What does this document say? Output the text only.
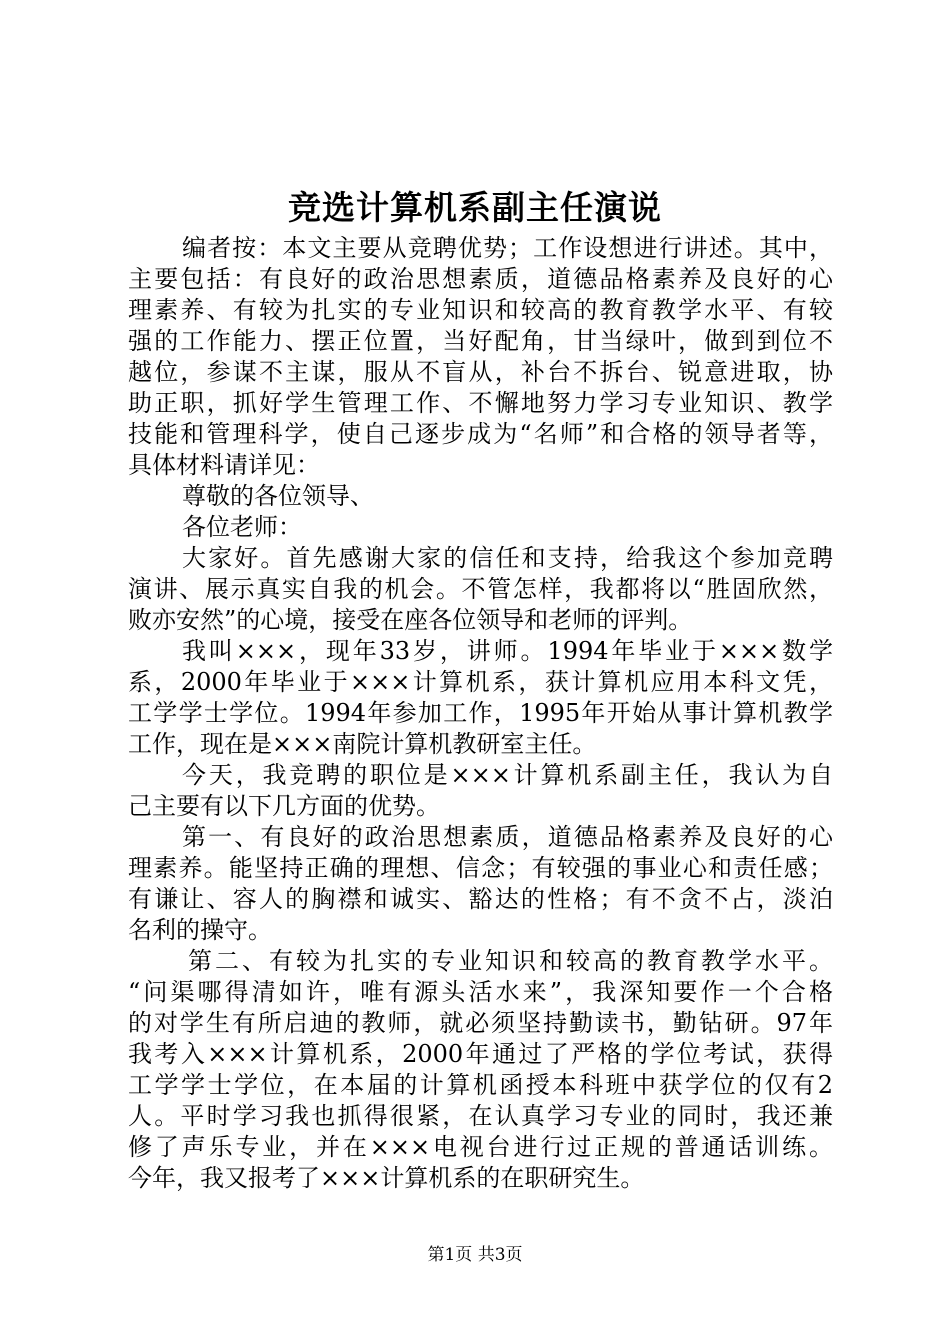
竞选计算机系副主任演说
编者按：本文主要从竞聘优势；工作设想进行讲述。其中，
主要包括：有良好的政治思想素质，道德品格素养及良好的心
理素养、有较为扎实的专业知识和较高的教育教学水平、有较
强的工作能力、摆正位置，当好配角，甘当绿叶，做到到位不
越位，参谋不主谋，服从不盲从，补台不拆台、锐意进取，协
助正职，抓好学生管理工作、不懈地努力学习专业知识、教学
技能和管理科学，使自己逐步成为“名师”和合格的领导者等，
具体材料请详见：
尊敬的各位领导、
各位老师：
大家好。首先感谢大家的信任和支持，给我这个参加竞聘
演讲、展示真实自我的机会。不管怎样，我都将以“胜固欣然，
败亦安然”的心境，接受在座各位领导和老师的评判。
我叫×××，现年33岁，讲师。1994年毕业于×××数学
系，2000年毕业于×××计算机系，获计算机应用本科文凭，
工学学士学位。1994年参加工作，1995年开始从事计算机教学
工作，现在是×××南院计算机教研室主任。
今天，我竞聘的职位是×××计算机系副主任，我认为自
己主要有以下几方面的优势。
第一、有良好的政治思想素质，道德品格素养及良好的心
理素养。能坚持正确的理想、信念；有较强的事业心和责任感；
有谦让、容人的胸襟和诚实、豁达的性格；有不贪不占，淡泊
名利的操守。
第二、有较为扎实的专业知识和较高的教育教学水平。
“问渠哪得清如许，唯有源头活水来”，我深知要作一个合格
的对学生有所启迪的教师，就必须坚持勤读书，勤钻研。97年
我考入×××计算机系，2000年通过了严格的学位考试，获得
工学学士学位，在本届的计算机函授本科班中获学位的仅有2
人。平时学习我也抓得很紧，在认真学习专业的同时，我还兼
修了声乐专业，并在×××电视台进行过正规的普通话训练。
今年，我又报考了×××计算机系的在职研究生。
第1页 共3页
